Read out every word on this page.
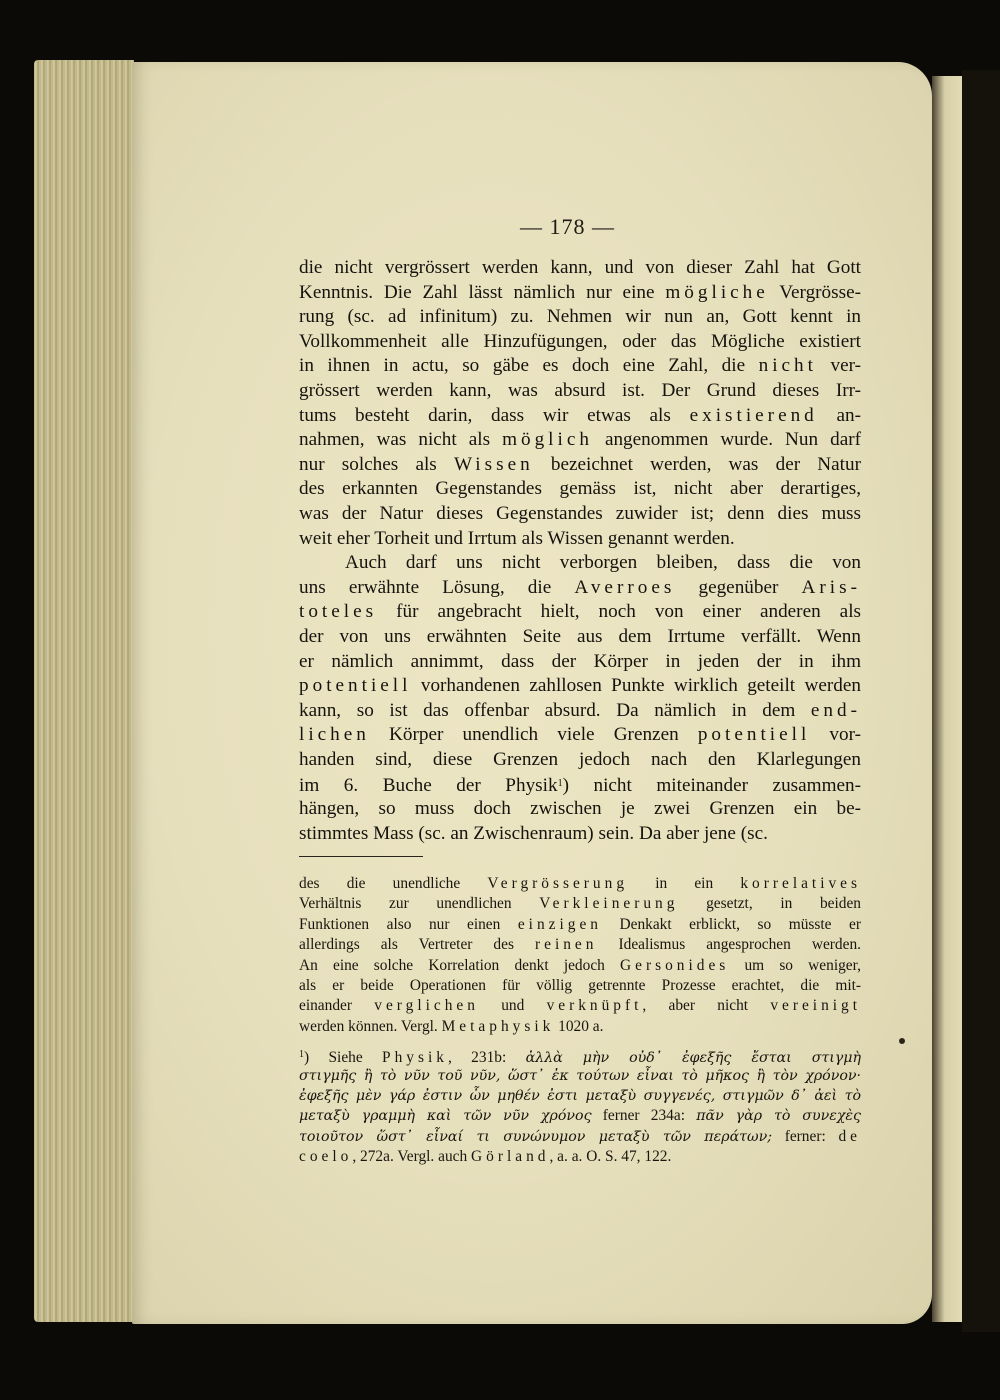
— 178 —
die nicht vergrössert werden kann, und von dieser Zahl hat Gott
Kenntnis. Die Zahl lässt nämlich nur eine mögliche Vergrösse-
rung (sc. ad infinitum) zu. Nehmen wir nun an, Gott kennt in
Vollkommenheit alle Hinzufügungen, oder das Mögliche existiert
in ihnen in actu, so gäbe es doch eine Zahl, die nicht ver-
grössert werden kann, was absurd ist. Der Grund dieses Irr-
tums besteht darin, dass wir etwas als existierend an-
nahmen, was nicht als möglich angenommen wurde. Nun darf
nur solches als Wissen bezeichnet werden, was der Natur
des erkannten Gegenstandes gemäss ist, nicht aber derartiges,
was der Natur dieses Gegenstandes zuwider ist; denn dies muss
weit eher Torheit und Irrtum als Wissen genannt werden.
Auch darf uns nicht verborgen bleiben, dass die von
uns erwähnte Lösung, die Averroes gegenüber Aris-
toteles für angebracht hielt, noch von einer anderen als
der von uns erwähnten Seite aus dem Irrtume verfällt. Wenn
er nämlich annimmt, dass der Körper in jeden der in ihm
potentiell vorhandenen zahllosen Punkte wirklich geteilt werden
kann, so ist das offenbar absurd. Da nämlich in dem end-
lichen Körper unendlich viele Grenzen potentiell vor-
handen sind, diese Grenzen jedoch nach den Klarlegungen
im 6. Buche der Physik$^1$) nicht miteinander zusammen-
hängen, so muss doch zwischen je zwei Grenzen ein be-
stimmtes Mass (sc. an Zwischenraum) sein. Da aber jene (sc.
des die unendliche Vergrösserung in ein korrelatives
Verhältnis zur unendlichen Verkleinerung gesetzt, in beiden
Funktionen also nur einen einzigen Denkakt erblickt, so müsste er
allerdings als Vertreter des reinen Idealismus angesprochen werden.
An eine solche Korrelation denkt jedoch Gersonides um so weniger,
als er beide Operationen für völlig getrennte Prozesse erachtet, die mit-
einander verglichen und verknüpft, aber nicht vereinigt
werden können. Vergl. Metaphysik 1020 a.
$^1$) Siehe Physik, 231b: ἀλλὰ μὴν οὐδ᾽ ἐφεξῆς ἔσται στιγμὴ
στιγμῆς ἢ τὸ νῦν τοῦ νῦν, ὥστ᾽ ἐκ τούτων εἶναι τὸ μῆκος ἢ τὸν χρόνον·
ἐφεξῆς μὲν γάρ ἐστιν ὧν μηθέν ἐστι μεταξὺ συγγενές, στιγμῶν δ᾽ ἀεὶ τὸ
μεταξὺ γραμμὴ καὶ τῶν νῦν χρόνος ferner 234a: πᾶν γὰρ τὸ συνεχὲς
τοιοῦτον ὥστ᾽ εἶναί τι συνώνυμον μεταξὺ τῶν περάτων; ferner: de
coelo, 272a. Vergl. auch Görland, a. a. O. S. 47, 122.
